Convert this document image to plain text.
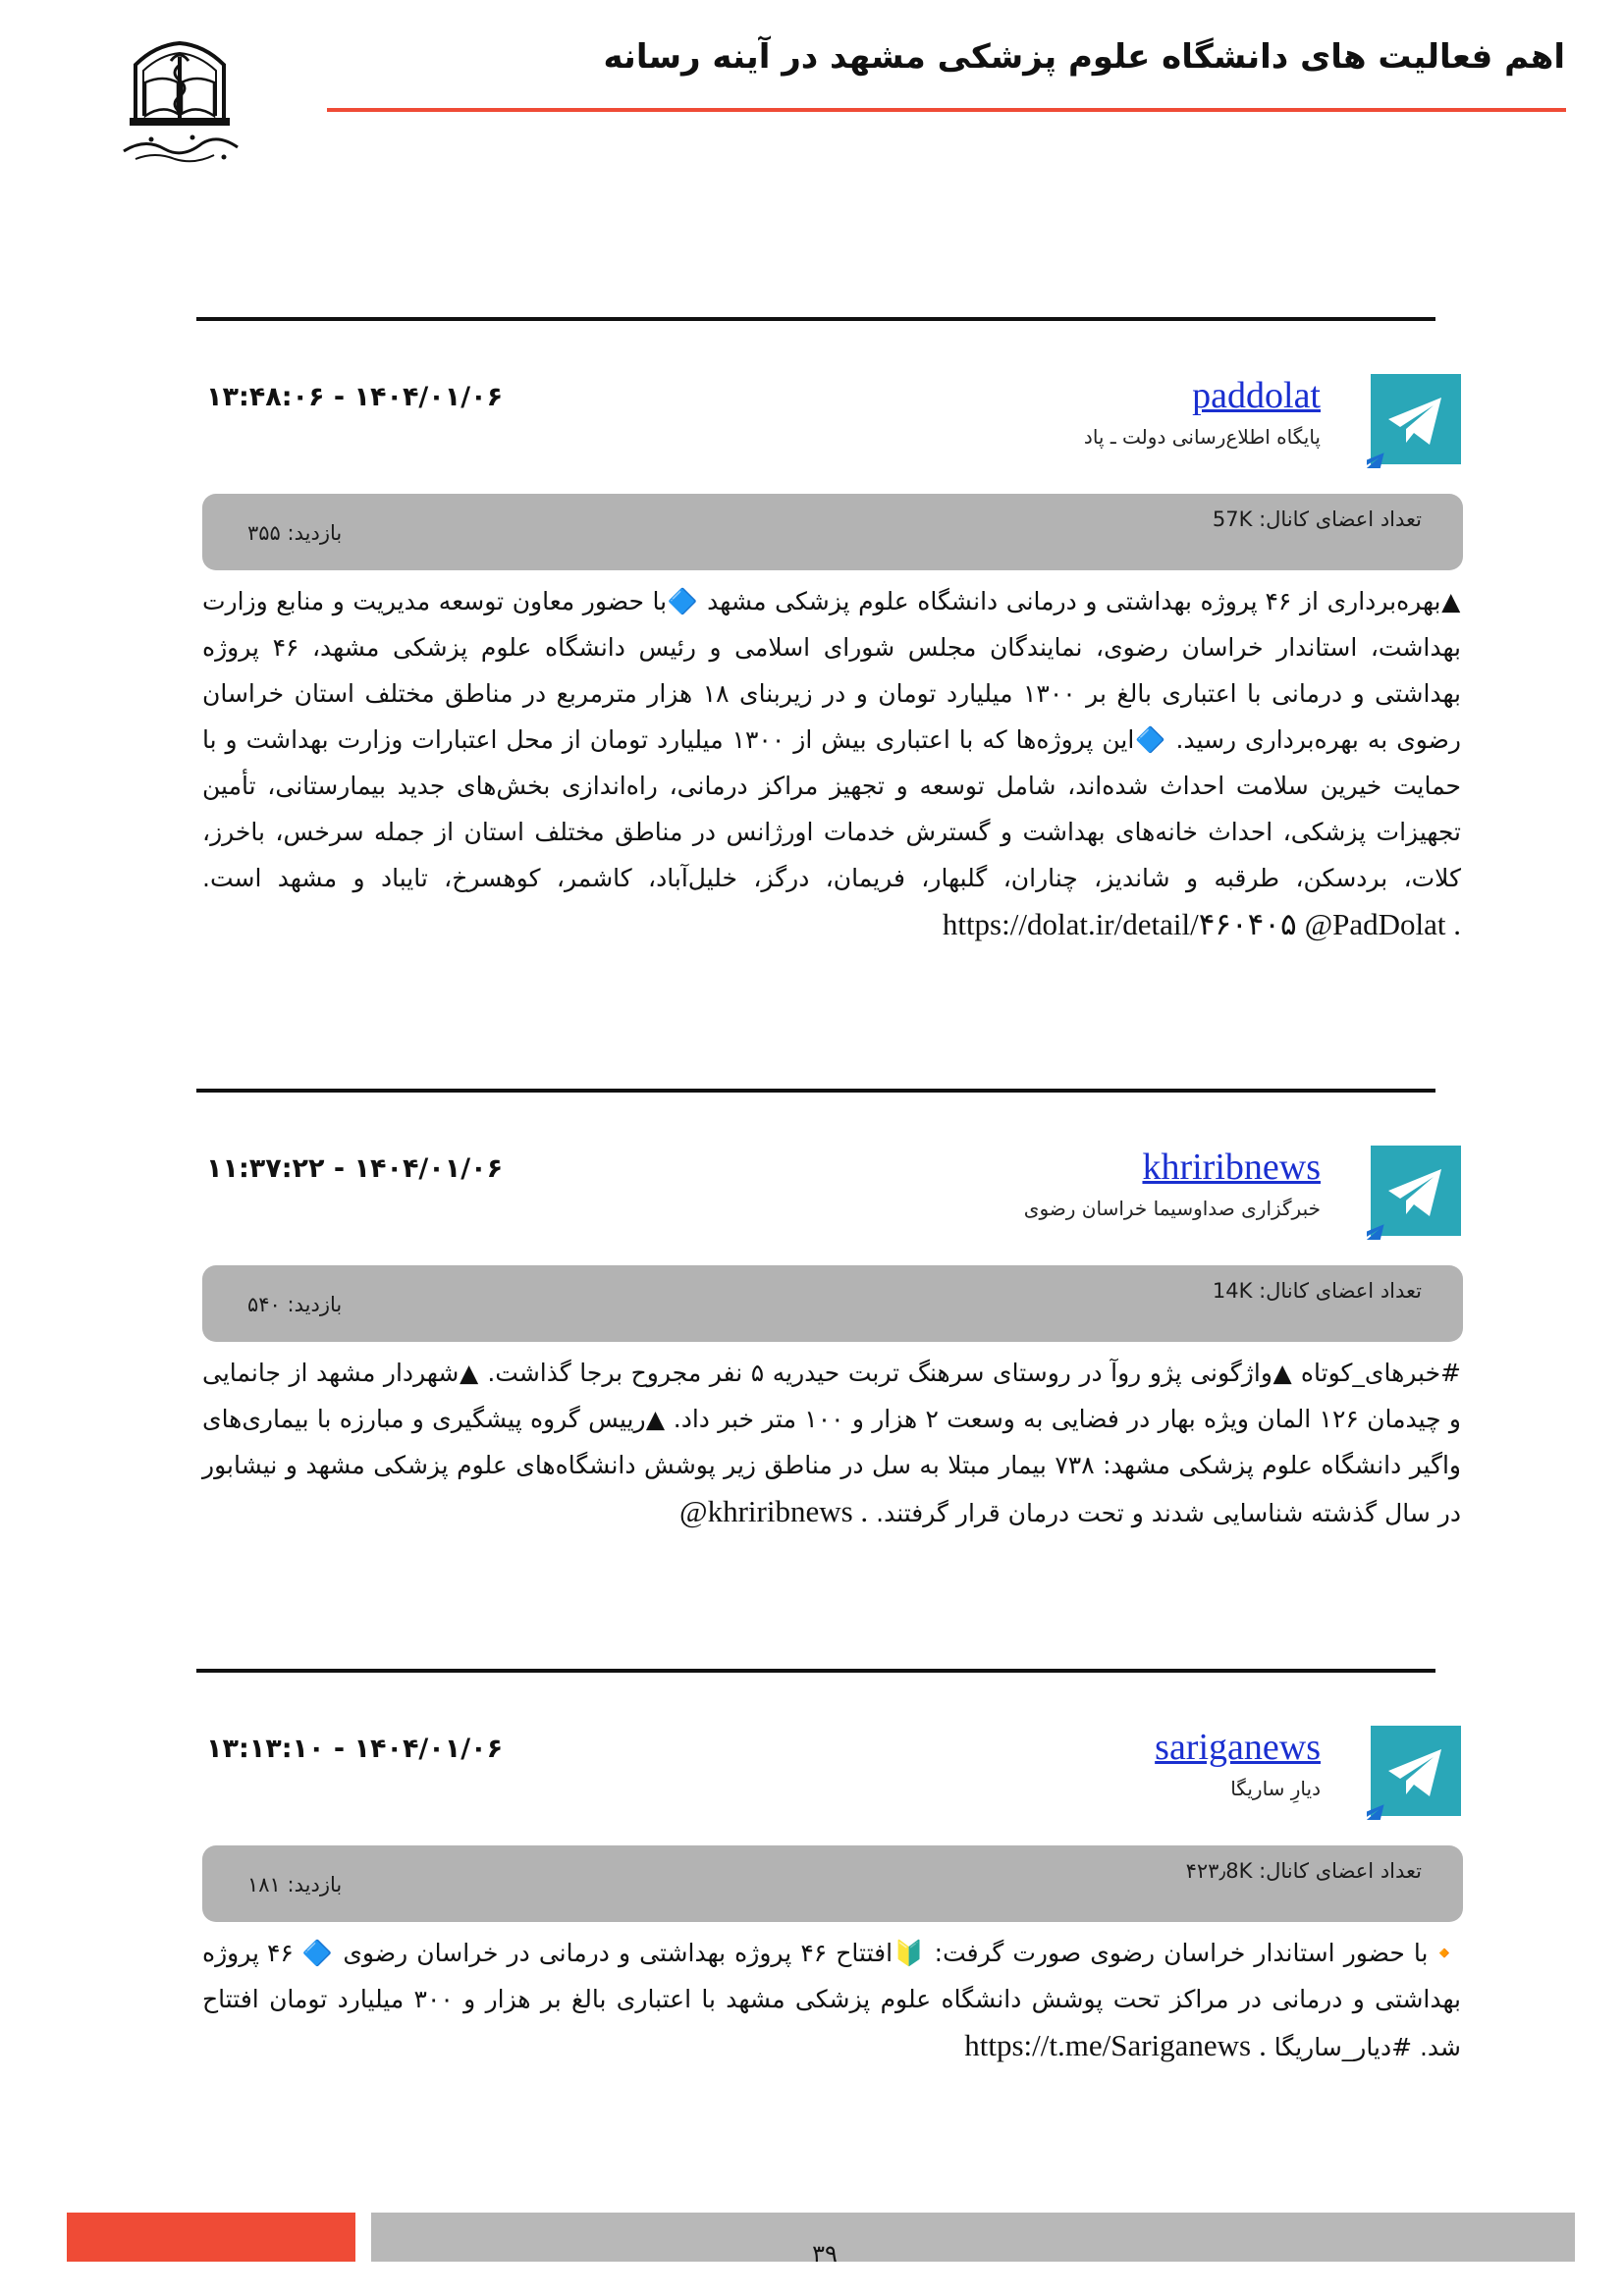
اهم فعالیت های دانشگاه علوم پزشکی مشهد در آینه رسانه
paddolat
پایگاه اطلاع‌رسانی دولت ـ پاد
۱۴۰۴/۰۱/۰۶ - ۱۳:۴۸:۰۶
تعداد اعضای کانال: 57K
بازدید: ۳۵۵

▲بهره‌برداری از ۴۶ پروژه بهداشتی و درمانی دانشگاه علوم پزشکی مشهد 🔷با حضور معاون توسعه مدیریت و منابع وزارت بهداشت، استاندار خراسان رضوی، نمایندگان مجلس شورای اسلامی و رئیس دانشگاه علوم پزشکی مشهد، ۴۶ پروژه بهداشتی و درمانی با اعتباری بالغ بر ۱۳۰۰ میلیارد تومان و در زیربنای ۱۸ هزار مترمربع در مناطق مختلف استان خراسان رضوی به بهره‌برداری رسید. 🔷این پروژه‌ها که با اعتباری بیش از ۱۳۰۰ میلیارد تومان از محل اعتبارات وزارت بهداشت و با حمایت خیرین سلامت احداث شده‌اند، شامل توسعه و تجهیز مراکز درمانی، راه‌اندازی بخش‌های جدید بیمارستانی، تأمین تجهیزات پزشکی، احداث خانه‌های بهداشت و گسترش خدمات اورژانس در مناطق مختلف استان از جمله سرخس، باخرز، کلات، بردسکن، طرقبه و شاندیز، چناران، گلبهار، فریمان، درگز، خلیل‌آباد، کاشمر، کوهسرخ، تایباد و مشهد است. https://dolat.ir/detail/۴۶۰۴۰۵ @PadDolat .

khriribnews
خبرگزاری صداوسیما خراسان رضوی
۱۴۰۴/۰۱/۰۶ - ۱۱:۳۷:۲۲
تعداد اعضای کانال: 14K
بازدید: ۵۴۰

#خبرهای_کوتاه ▲واژگونی پژو روآ در روستای سرهنگ تربت حیدریه ۵ نفر مجروح برجا گذاشت. ▲شهردار مشهد از جانمایی و چیدمان ۱۲۶ المان ویژه بهار در فضایی به وسعت ۲ هزار و ۱۰۰ متر خبر داد. ▲رییس گروه پیشگیری و مبارزه با بیماری‌های واگیر دانشگاه علوم پزشکی مشهد: ۷۳۸ بیمار مبتلا به سل در مناطق زیر پوشش دانشگاه‌های علوم پزشکی مشهد و نیشابور در سال گذشته شناسایی شدند و تحت درمان قرار گرفتند. @khriribnews .

sariganews
دیارِ ساریگا
۱۴۰۴/۰۱/۰۶ - ۱۳:۱۳:۱۰
تعداد اعضای کانال: ۴۲۳٫8K
بازدید: ۱۸۱

🔸با حضور استاندار خراسان رضوی صورت گرفت: 🔰افتتاح ۴۶ پروژه بهداشتی و درمانی در خراسان رضوی 🔷 ۴۶ پروژه بهداشتی و درمانی در مراکز تحت پوشش دانشگاه علوم پزشکی مشهد با اعتباری بالغ بر هزار و ۳۰۰ میلیارد تومان افتتاح شد. #دیار_ساریگا https://t.me/Sariganews .

۳۹
